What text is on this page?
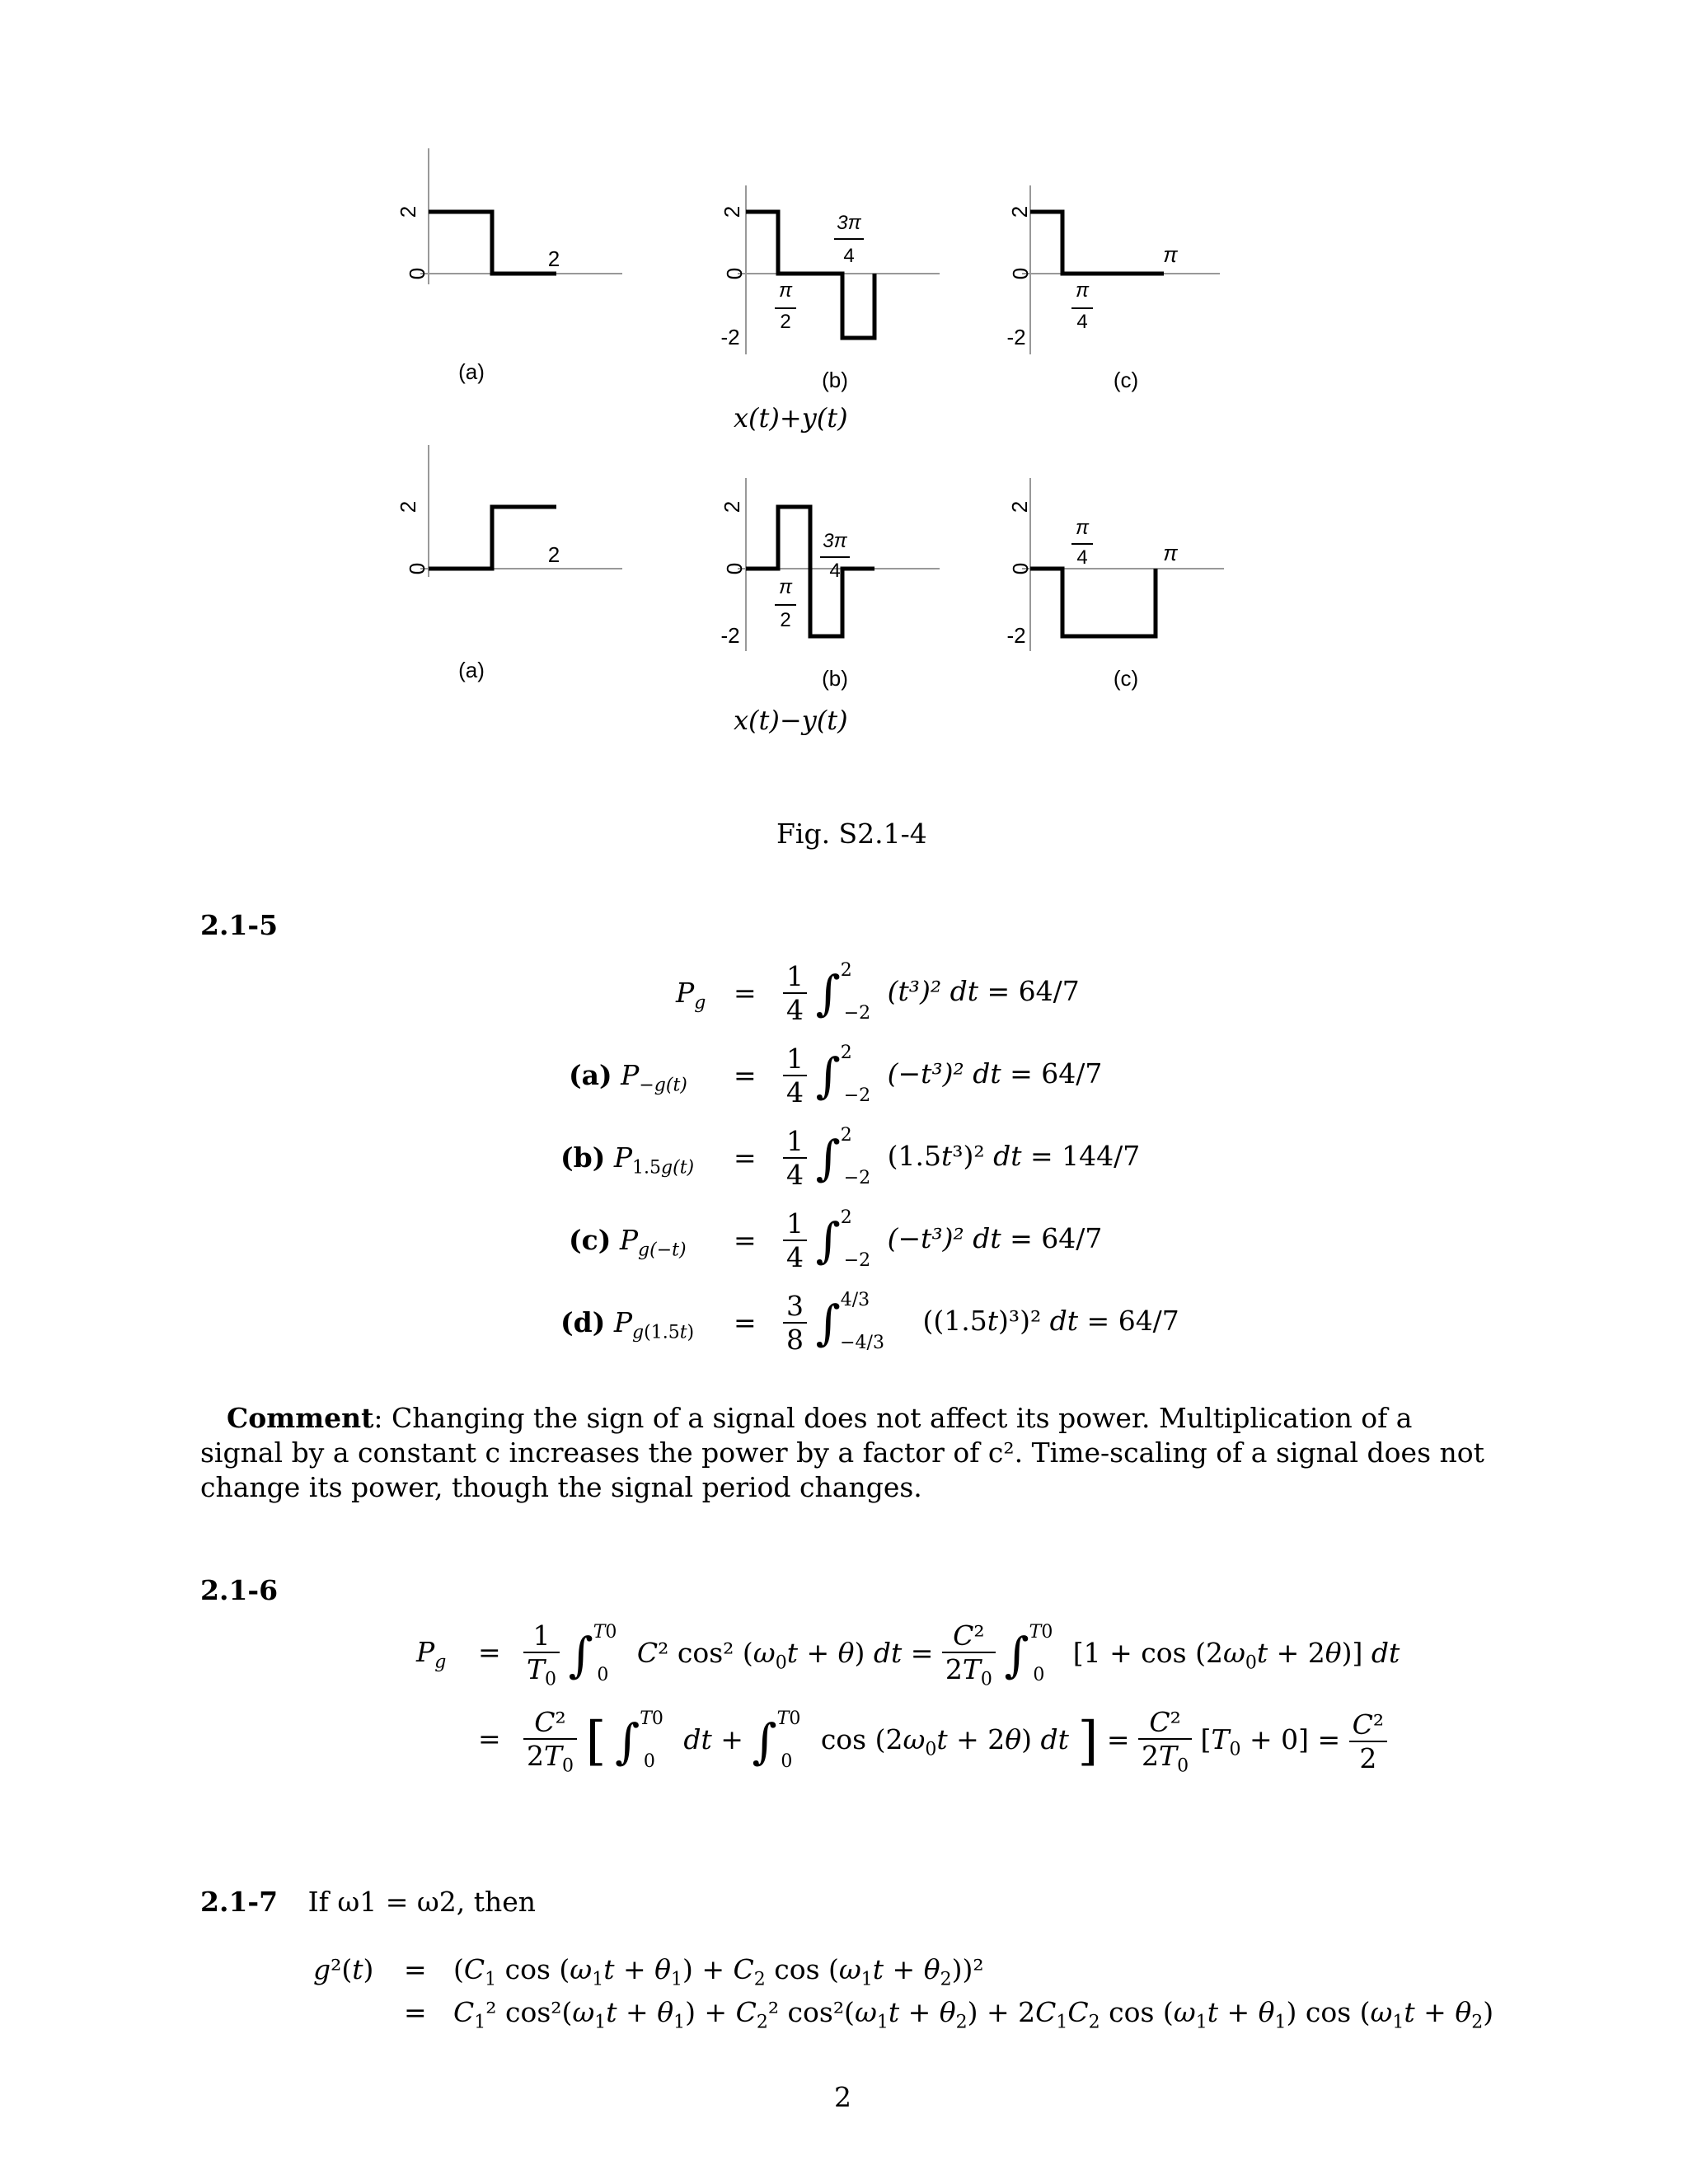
2
0
2
(a)
2
0
-2
(b)
2
0
-2
π
(c)
2
0
2
(a)
2
0
-2
(b)
2
0
-2
π
(c)
3π
4
π
2
π
4
3π
4
π
2
π
4
x(t)+y(t)
x(t)−y(t)
Fig. S2.1-4
2.1-5
$P_g = \frac{1}{4} \int^2_{-2}$ (t³)² dt = 64/7
(a) $P_{-g(t)} = \frac{1}{4} \int^2_{-2}$ (−t³)² dt = 64/7
(b) $P_{1.5g(t)} = \frac{1}{4} \int^2_{-2}$ (1.5t³)² dt = 144/7
(c) $P_{g(-t)} = \frac{1}{4} \int^2_{-2}$ (−t³)² dt = 64/7
(d) $P_{g(1.5t)} = \frac{3}{8} \int^{4/3}_{-4/3}$ ((1.5t)³)² dt = 64/7
Comment: Changing the sign of a signal does not affect its power. Multiplication of a signal by a constant c increases the power by a factor of c². Time-scaling of a signal does not change its power, though the signal period changes.
2.1-6
$P_g = \frac{1}{T_0} \int^{T0}_0$ C² cos² $(\omega_0t + \theta)$ dt = $\frac{\text{C²}}{2T_0} \int^{T0}_0$ $[1 + \cos (2\omega_0t + 2\theta)]$ dt
= $\frac{\text{C²}}{2T_0}$ [ ∫$^{T0}_0$ dt + ∫$^{T0}_0$ $\cos (2\omega_0t + 2\theta)$ dt ] = $\frac{\text{C²}}{2T_0} [T_0 + 0] = \frac{\text{C²}}{2}$
2.1-7 If ω1 = ω2, then
$g^2(t) = (C_1$ $\cos (\omega_1t + \theta_1) + C_2$ $\cos (\omega_1t + \theta_2))^2$
= $C_1^2$ $\cos^2(\omega_1t + \theta_1) + C_2^2$ $\cos^2(\omega_1t + \theta_2) + 2C_1C_2$ $\cos (\omega_1t + \theta_1)$ $\cos (\omega_1t + \theta_2)$
2
